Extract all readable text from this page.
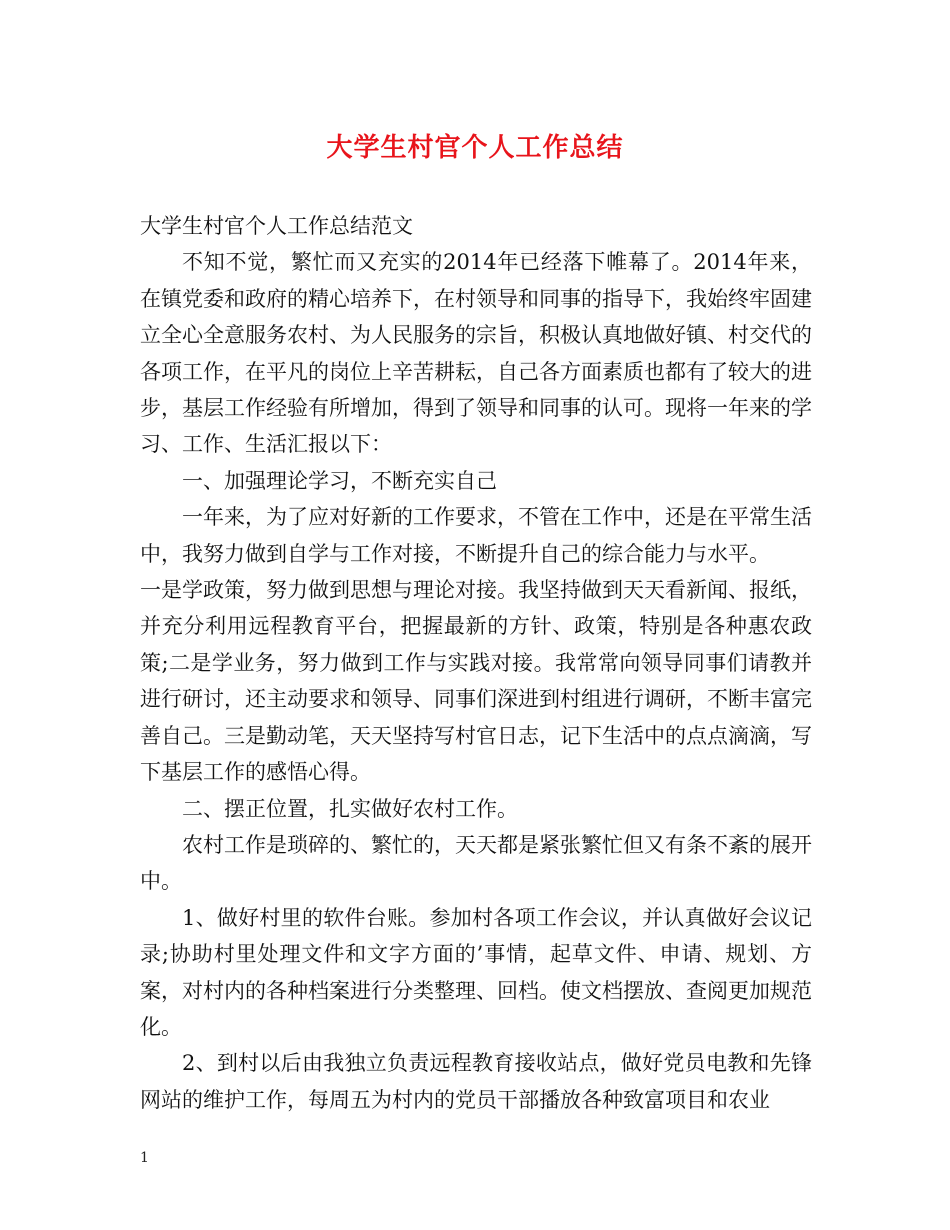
大学生村官个人工作总结

大学生村官个人工作总结范文

不知不觉，繁忙而又充实的2014年已经落下帷幕了。2014年来，在镇党委和政府的精心培养下，在村领导和同事的指导下，我始终牢固建立全心全意服务农村、为人民服务的宗旨，积极认真地做好镇、村交代的各项工作，在平凡的岗位上辛苦耕耘，自己各方面素质也都有了较大的进步，基层工作经验有所增加，得到了领导和同事的认可。现将一年来的学习、工作、生活汇报以下：

一、加强理论学习，不断充实自己

一年来，为了应对好新的工作要求，不管在工作中，还是在平常生活中，我努力做到自学与工作对接，不断提升自己的综合能力与水平。

一是学政策，努力做到思想与理论对接。我坚持做到天天看新闻、报纸，并充分利用远程教育平台，把握最新的方针、政策，特别是各种惠农政策;二是学业务，努力做到工作与实践对接。我常常向领导同事们请教并进行研讨，还主动要求和领导、同事们深进到村组进行调研，不断丰富完善自己。三是勤动笔，天天坚持写村官日志，记下生活中的点点滴滴，写下基层工作的感悟心得。

二、摆正位置，扎实做好农村工作。

农村工作是琐碎的、繁忙的，天天都是紧张繁忙但又有条不紊的展开中。

1、做好村里的软件台账。参加村各项工作会议，并认真做好会议记录;协助村里处理文件和文字方面的’事情，起草文件、申请、规划、方案，对村内的各种档案进行分类整理、回档。使文档摆放、查阅更加规范化。

2、到村以后由我独立负责远程教育接收站点，做好党员电教和先锋网站的维护工作，每周五为村内的党员干部播放各种致富项目和农业

1
